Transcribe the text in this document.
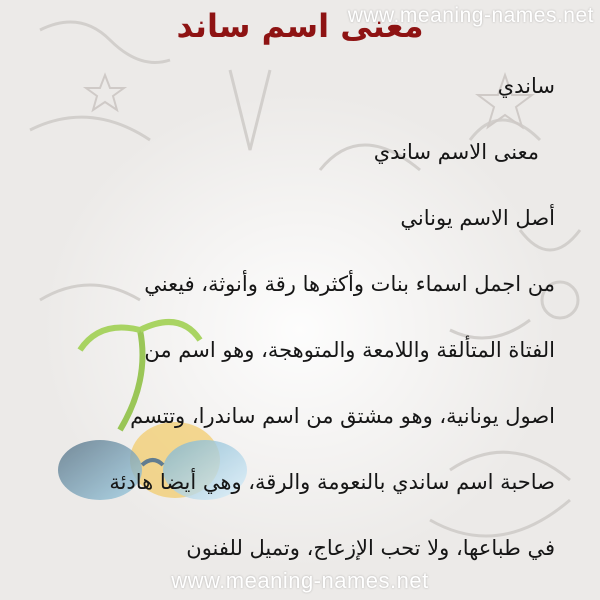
www.meaning-names.net
معنى اسم ساند
ساندي
معنى الاسم ساندي
أصل الاسم يوناني
من اجمل اسماء بنات وأكثرها رقة وأنوثة، فيعني
الفتاة المتألقة واللامعة والمتوهجة، وهو اسم من
اصول يونانية، وهو مشتق من اسم ساندرا، وتتسم
صاحبة اسم ساندي بالنعومة والرقة، وهي أيضا هادئة
في طباعها، ولا تحب الإزعاج، وتميل للفنون
www.meaning-names.net
